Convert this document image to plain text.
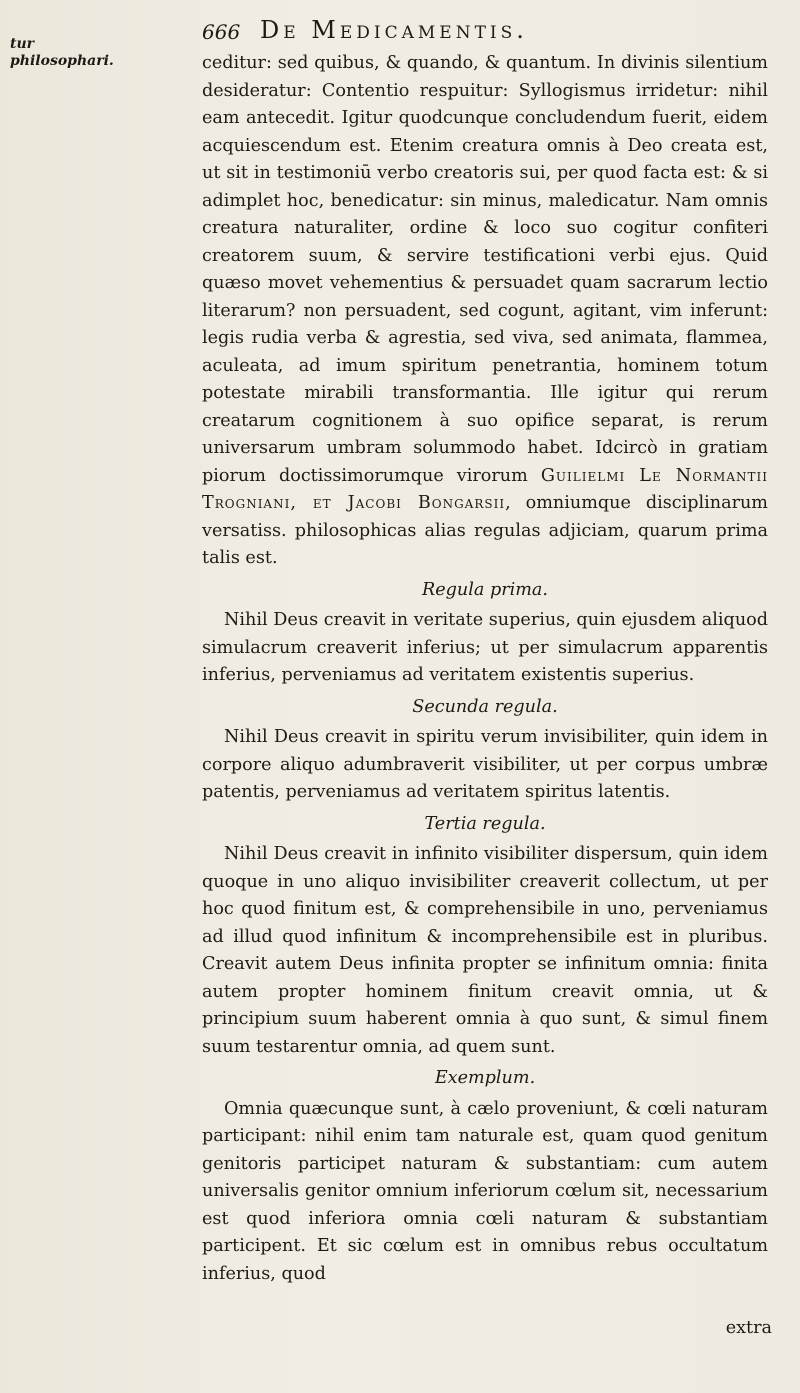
tur philosophari.
666 De Medicamentis.

ceditur: sed quibus, & quando, & quantum. In divinis silentium desideratur: Contentio respuitur: Syllogismus irridetur: nihil eam antecedit. Igitur quodcunque concludendum fuerit, eidem acquiescendum est. Etenim creatura omnis à Deo creata est, ut sit in testimoniū verbo creatoris sui, per quod facta est: & si adimplet hoc, benedicatur: sin minus, maledicatur. Nam omnis creatura naturaliter, ordine & loco suo cogitur confiteri creatorem suum, & servire testificationi verbi ejus. Quid quæso movet vehementius & persuadet quam sacrarum lectio literarum? non persuadent, sed cogunt, agitant, vim inferunt: legis rudia verba & agrestia, sed viva, sed animata, flammea, aculeata, ad imum spiritum penetrantia, hominem totum potestate mirabili transformantia. Ille igitur qui rerum creatarum cognitionem à suo opifice separat, is rerum universarum umbram solummodo habet. Idcircò in gratiam piorum doctissimorumque virorum Guilielmi Le Normantii Trogniani, et Jacobi Bongarsii, omniumque disciplinarum versatiss. philosophicas alias regulas adjiciam, quarum prima talis est.

Regula prima.

Nihil Deus creavit in veritate superius, quin ejusdem aliquod simulacrum creaverit inferius; ut per simulacrum apparentis inferius, perveniamus ad veritatem existentis superius.

Secunda regula.

Nihil Deus creavit in spiritu verum invisibiliter, quin idem in corpore aliquo adumbraverit visibiliter, ut per corpus umbræ patentis, perveniamus ad veritatem spiritus latentis.

Tertia regula.

Nihil Deus creavit in infinito visibiliter dispersum, quin idem quoque in uno aliquo invisibiliter creaverit collectum, ut per hoc quod finitum est, & comprehensibile in uno, perveniamus ad illud quod infinitum & incomprehensibile est in pluribus. Creavit autem Deus infinita propter se infinitum omnia: finita autem propter hominem finitum creavit omnia, ut & principium suum haberent omnia à quo sunt, & simul finem suum testarentur omnia, ad quem sunt.

Exemplum.

Omnia quæcunque sunt, à cælo proveniunt, & cœli naturam participant: nihil enim tam naturale est, quam quod genitum genitoris participet naturam & substantiam: cum autem universalis genitor omnium inferiorum cœlum sit, necessarium est quod inferiora omnia cœli naturam & substantiam participent. Et sic cœlum est in omnibus rebus occultatum inferius, quod

extra
